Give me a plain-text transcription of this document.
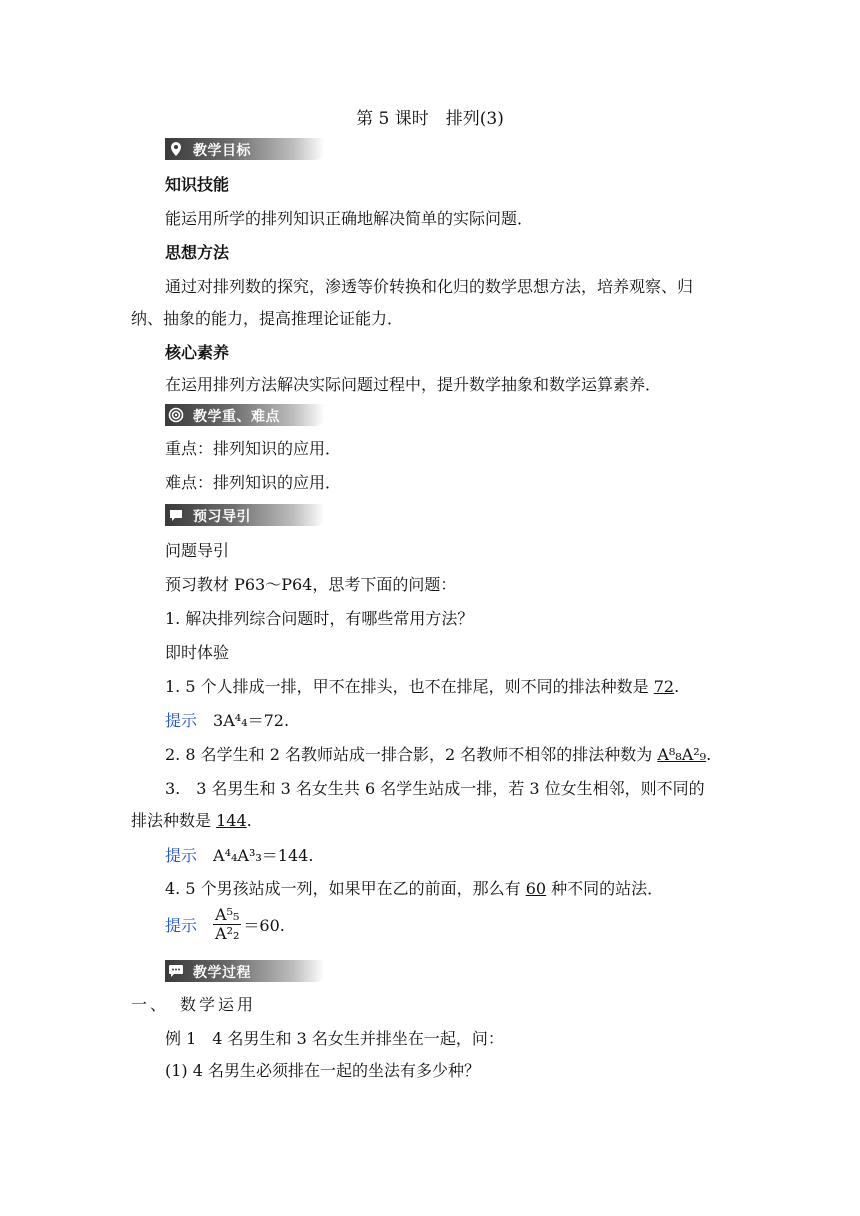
第 5 课时　排列(3)
教学目标
知识技能
能运用所学的排列知识正确地解决简单的实际问题．
思想方法
通过对排列数的探究，渗透等价转换和化归的数学思想方法，培养观察、归
纳、抽象的能力，提高推理论证能力．
核心素养
在运用排列方法解决实际问题过程中，提升数学抽象和数学运算素养．
教学重、难点
重点：排列知识的应用．
难点：排列知识的应用．
预习导引
问题导引
预习教材 P63～P64，思考下面的问题：
1. 解决排列综合问题时，有哪些常用方法？
即时体验
1. 5 个人排成一排，甲不在排头，也不在排尾，则不同的排法种数是 72.
提示 3A⁴₄＝72.
2. 8 名学生和 2 名教师站成一排合影，2 名教师不相邻的排法种数为 A⁸₈A²₉.
3.　3 名男生和 3 名女生共 6 名学生站成一排，若 3 位女生相邻，则不同的
排法种数是 144.
提示 A⁴₄A³₃＝144.
4. 5 个男孩站成一列，如果甲在乙的前面，那么有 60 种不同的站法．
提示 $\frac{\text{A⁵₅}}{\text{A²₂}} =60$.
教学过程
一、　数学运用
例 1　4 名男生和 3 名女生并排坐在一起，问：
(1) 4 名男生必须排在一起的坐法有多少种？
